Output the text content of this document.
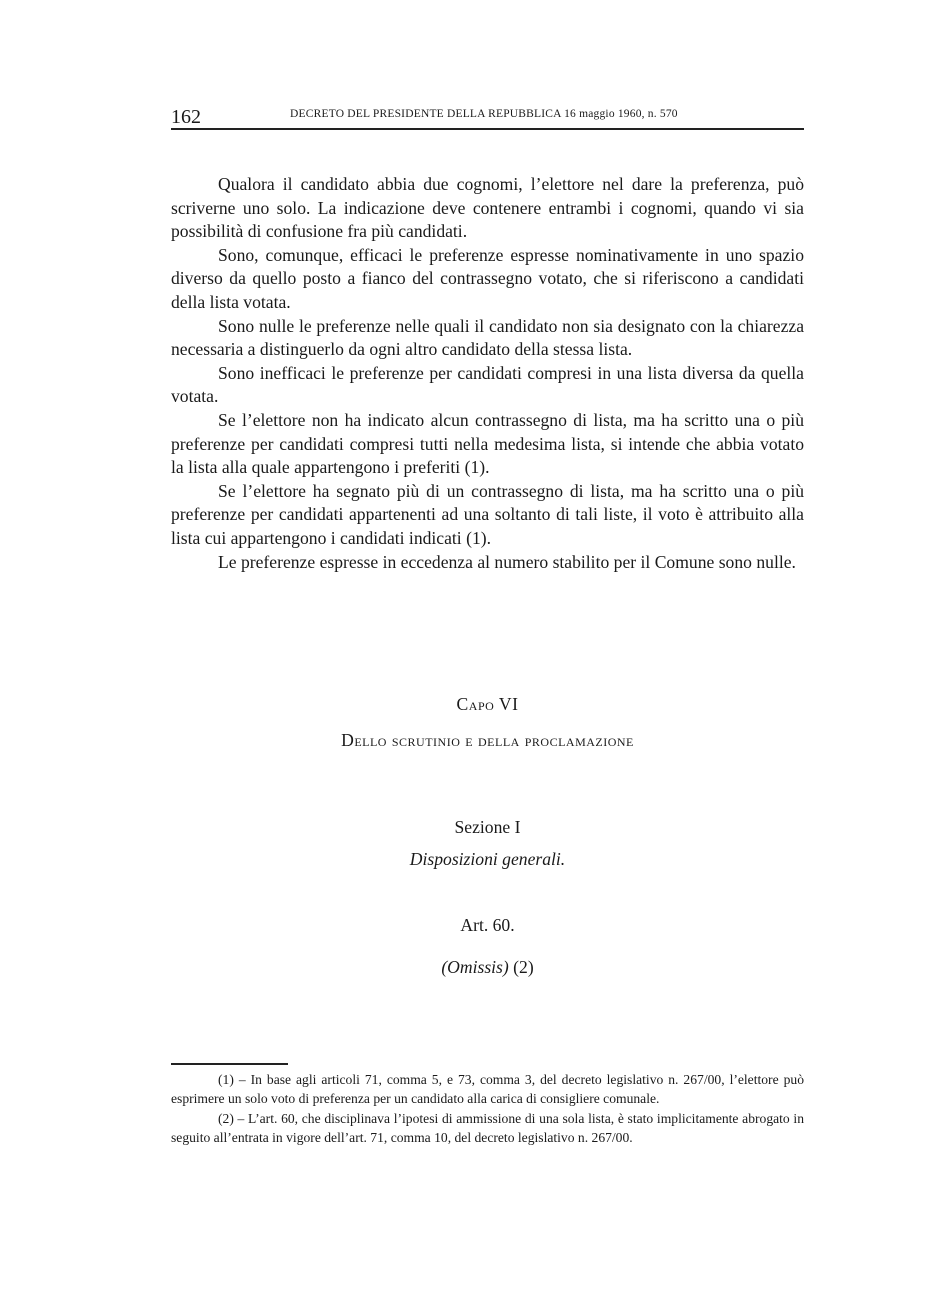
162	DECRETO DEL PRESIDENTE DELLA REPUBBLICA 16 maggio 1960, n. 570

Qualora il candidato abbia due cognomi, l’elettore nel dare la preferenza, può scriverne uno solo. La indicazione deve contenere entrambi i cognomi, quando vi sia possibilità di confusione fra più candidati.

Sono, comunque, efficaci le preferenze espresse nominativamente in uno spazio diverso da quello posto a fianco del contrassegno votato, che si riferiscono a candidati della lista votata.

Sono nulle le preferenze nelle quali il candidato non sia designato con la chiarezza necessaria a distinguerlo da ogni altro candidato della stessa lista.

Sono inefficaci le preferenze per candidati compresi in una lista diversa da quella votata.

Se l’elettore non ha indicato alcun contrassegno di lista, ma ha scritto una o più preferenze per candidati compresi tutti nella medesima lista, si intende che abbia votato la lista alla quale appartengono i preferiti (1).

Se l’elettore ha segnato più di un contrassegno di lista, ma ha scritto una o più preferenze per candidati appartenenti ad una soltanto di tali liste, il voto è attribuito alla lista cui appartengono i candidati indicati (1).

Le preferenze espresse in eccedenza al numero stabilito per il Comune sono nulle.

Capo VI
Dello scrutinio e della proclamazione
Sezione I
Disposizioni generali.
Art. 60.
(Omissis) (2)

(1) – In base agli articoli 71, comma 5, e 73, comma 3, del decreto legislativo n. 267/00, l’elettore può esprimere un solo voto di preferenza per un candidato alla carica di consigliere comunale.

(2) – L’art. 60, che disciplinava l’ipotesi di ammissione di una sola lista, è stato implicitamente abrogato in seguito all’entrata in vigore dell’art. 71, comma 10, del decreto legislativo n. 267/00.
